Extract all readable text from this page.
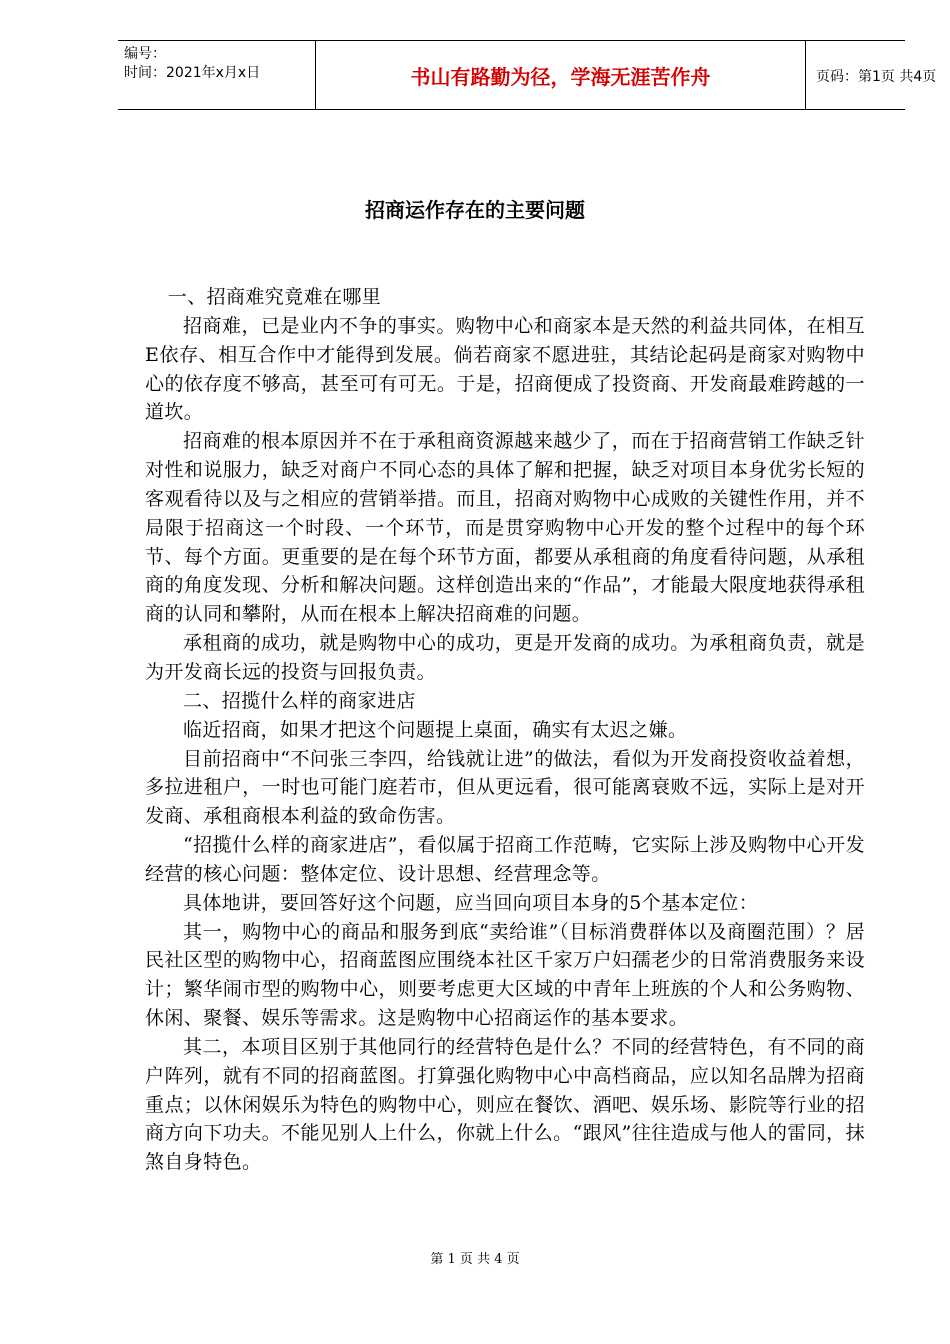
编号：
时间：2021年x月x日	书山有路勤为径，学海无涯苦作舟	页码：第1页 共4页
招商运作存在的主要问题

一、招商难究竟难在哪里

招商难，已是业内不争的事实。购物中心和商家本是天然的利益共同体，在相互E依存、相互合作中才能得到发展。倘若商家不愿进驻，其结论起码是商家对购物中心的依存度不够高，甚至可有可无。于是，招商便成了投资商、开发商最难跨越的一道坎。

招商难的根本原因并不在于承租商资源越来越少了，而在于招商营销工作缺乏针对性和说服力，缺乏对商户不同心态的具体了解和把握，缺乏对项目本身优劣长短的客观看待以及与之相应的营销举措。而且，招商对购物中心成败的关键性作用，并不局限于招商这一个时段、一个环节，而是贯穿购物中心开发的整个过程中的每个环节、每个方面。更重要的是在每个环节方面，都要从承租商的角度看待问题，从承租商的角度发现、分析和解决问题。这样创造出来的“作品”，才能最大限度地获得承租商的认同和攀附，从而在根本上解决招商难的问题。

承租商的成功，就是购物中心的成功，更是开发商的成功。为承租商负责，就是为开发商长远的投资与回报负责。

二、招揽什么样的商家进店

临近招商，如果才把这个问题提上桌面，确实有太迟之嫌。

目前招商中“不问张三李四，给钱就让进”的做法，看似为开发商投资收益着想，多拉进租户，一时也可能门庭若市，但从更远看，很可能离衰败不远，实际上是对开发商、承租商根本利益的致命伤害。

“招揽什么样的商家进店”，看似属于招商工作范畴，它实际上涉及购物中心开发经营的核心问题：整体定位、设计思想、经营理念等。

具体地讲，要回答好这个问题，应当回向项目本身的5个基本定位：

其一，购物中心的商品和服务到底“卖给谁”（目标消费群体以及商圈范围）？居民社区型的购物中心，招商蓝图应围绕本社区千家万户妇孺老少的日常消费服务来设计；繁华闹市型的购物中心，则要考虑更大区域的中青年上班族的个人和公务购物、休闲、聚餐、娱乐等需求。这是购物中心招商运作的基本要求。

其二，本项目区别于其他同行的经营特色是什么？不同的经营特色，有不同的商户阵列，就有不同的招商蓝图。打算强化购物中心中高档商品，应以知名品牌为招商重点；以休闲娱乐为特色的购物中心，则应在餐饮、酒吧、娱乐场、影院等行业的招商方向下功夫。不能见别人上什么，你就上什么。“跟风”往往造成与他人的雷同，抹煞自身特色。

第 1 页 共 4 页
